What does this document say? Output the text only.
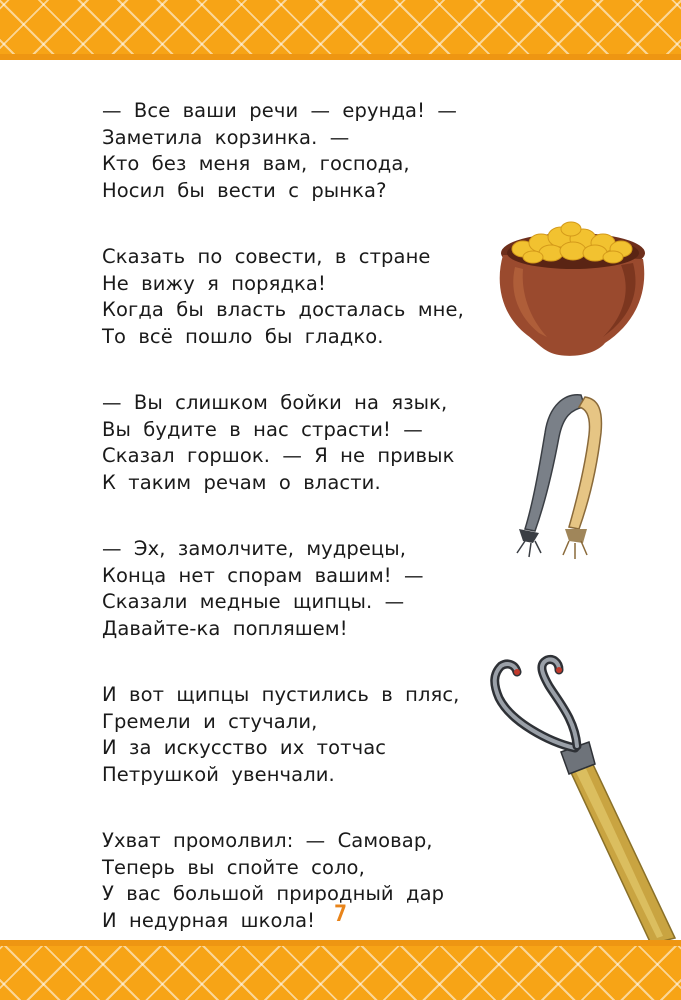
— Все ваши речи — ерунда! —
Заметила корзинка. —
Кто без меня вам, господа,
Носил бы вести с рынка?
Сказать по совести, в стране
Не вижу я порядка!
Когда бы власть досталась мне,
То всё пошло бы гладко.
— Вы слишком бойки на язык,
Вы будите в нас страсти! —
Сказал горшок. — Я не привык
К таким речам о власти.
— Эх, замолчите, мудрецы,
Конца нет спорам вашим! —
Сказали медные щипцы. —
Давайте-ка попляшем!
И вот щипцы пустились в пляс,
Гремели и стучали,
И за искусство их тотчас
Петрушкой увенчали.
Ухват промолвил: — Самовар,
Теперь вы спойте соло,
У вас большой природный дар
И недурная школа! 7
